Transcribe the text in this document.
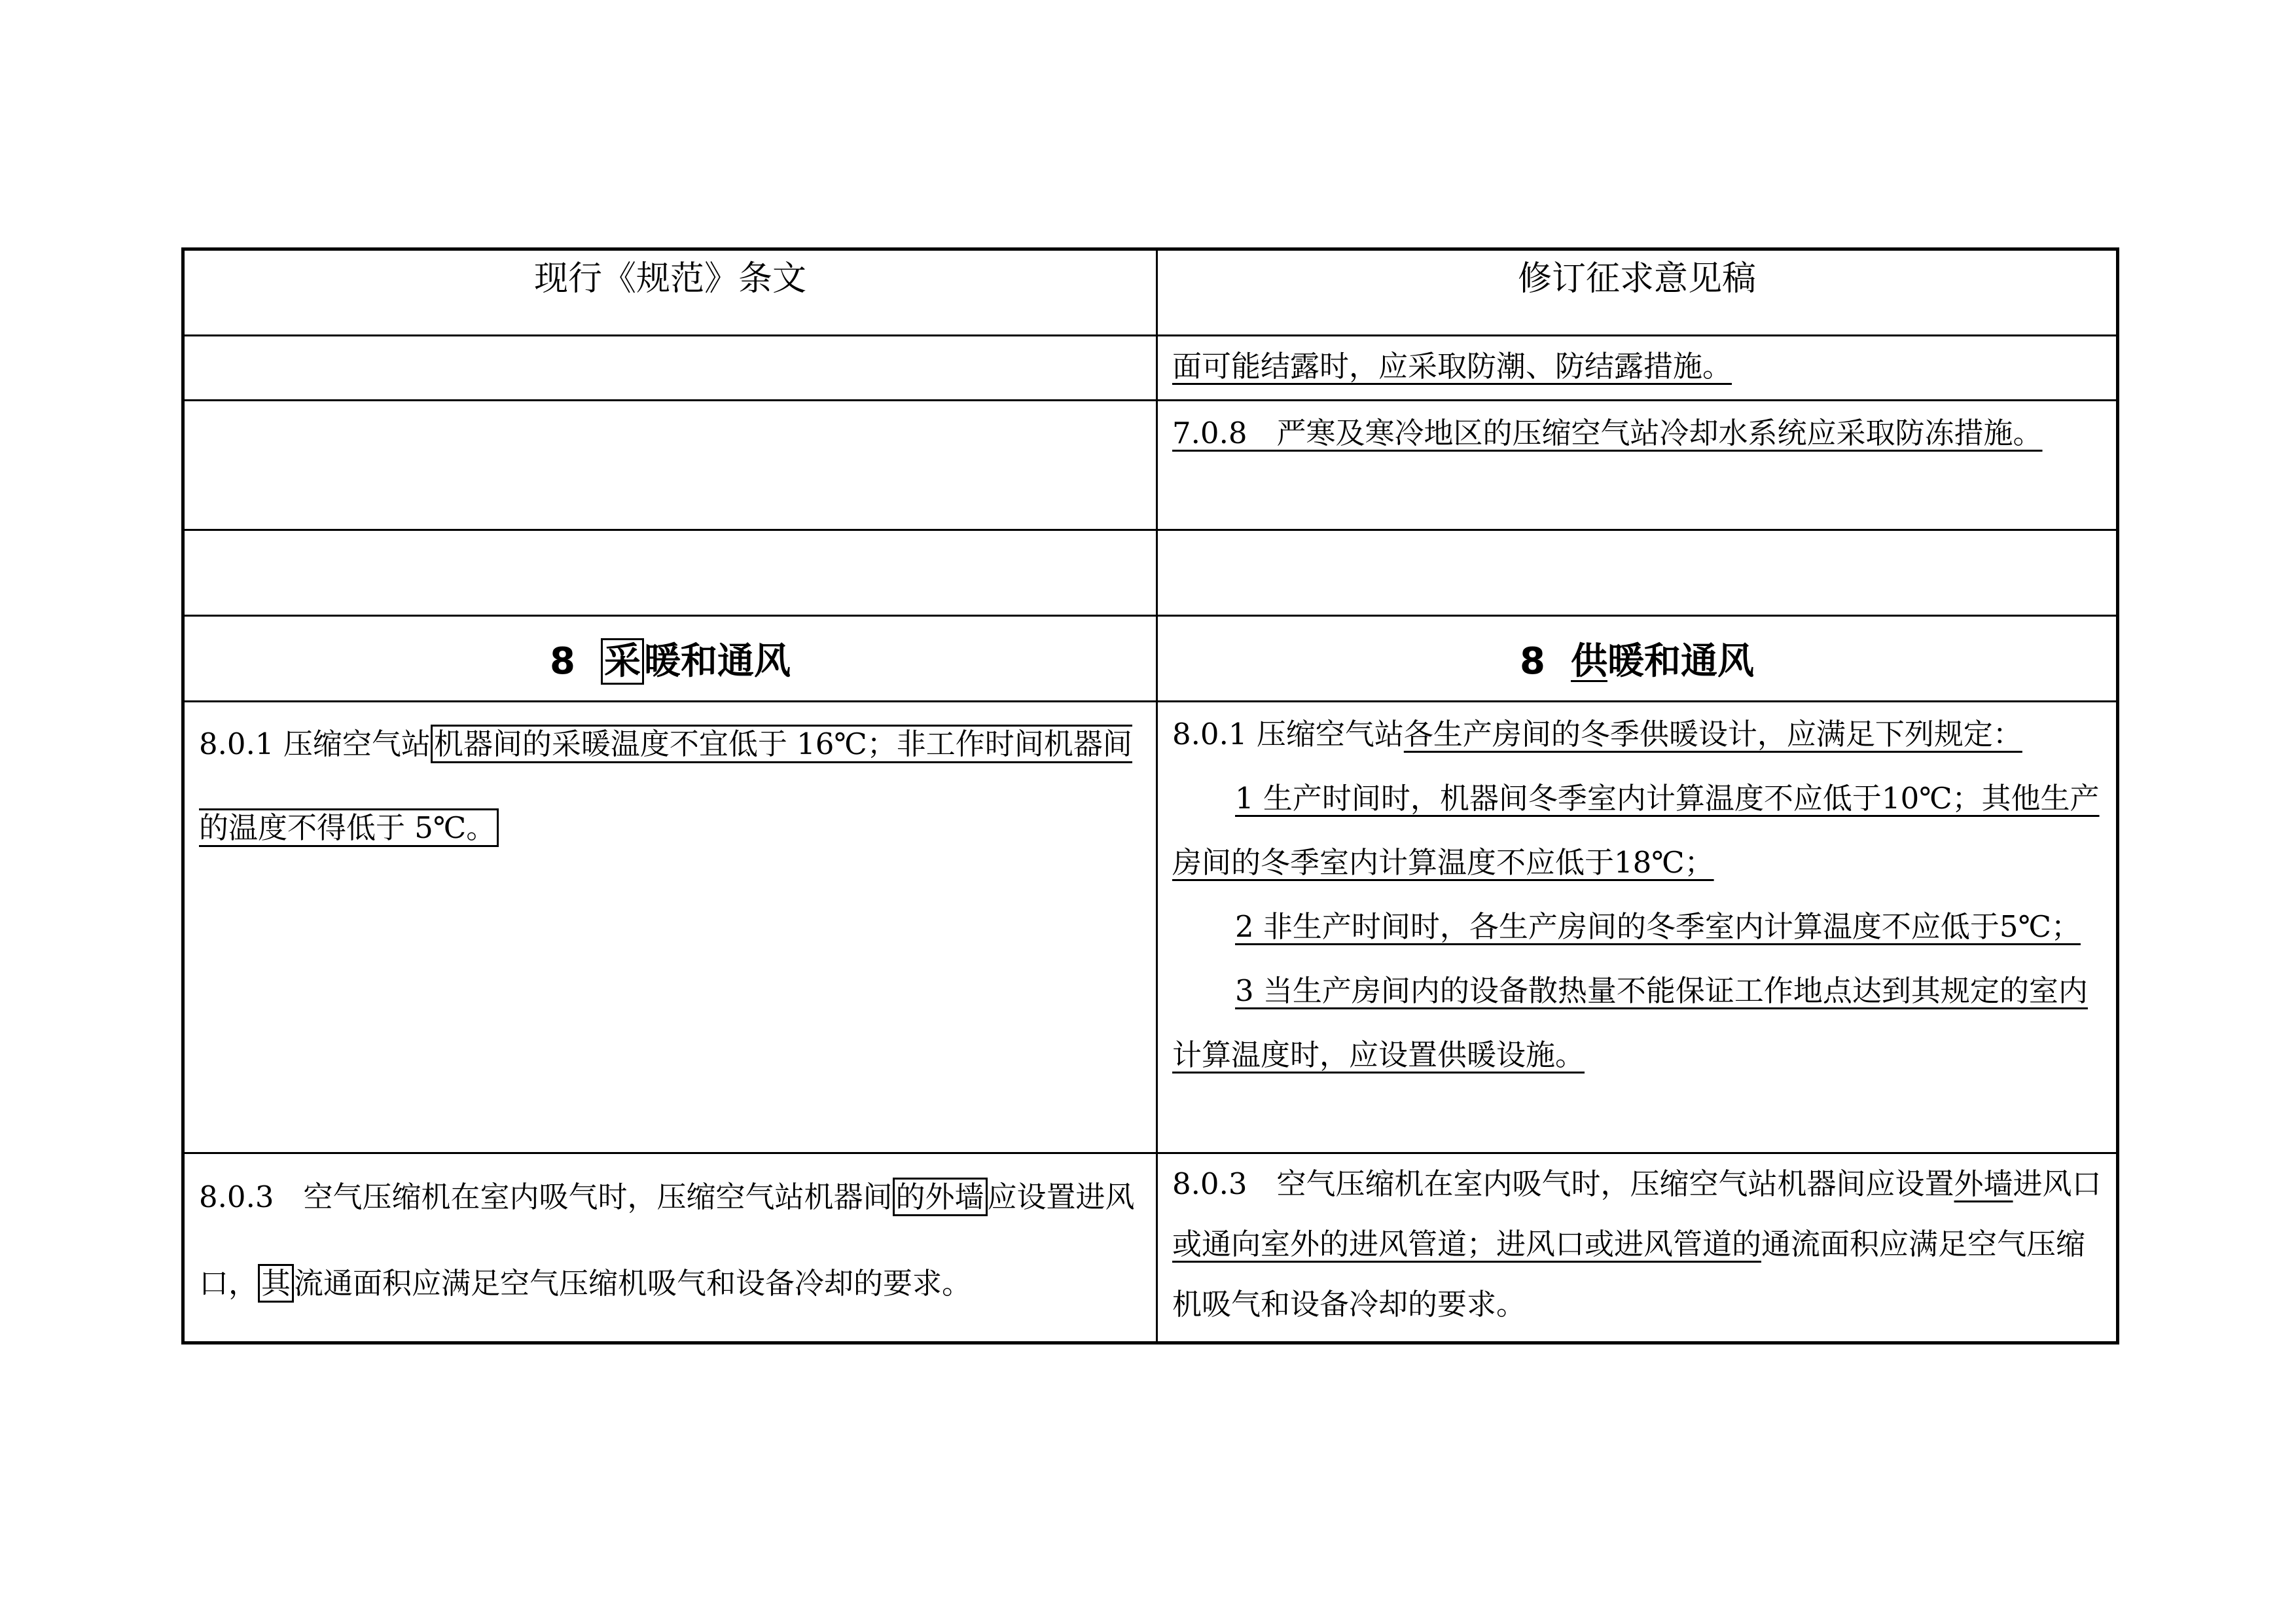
现行《规范》条文	修订征求意见稿
	面可能结露时，应采取防潮、防结露措施。
	7.0.8　 严寒及寒冷地区的压缩空气站冷却水系统应采取防冻措施。

8 采暖和通风	8 供暖和通风
8.0.1 压缩空气站 机器间的采暖温度不宜低于 16℃；非工作时间机器间的温度不得低于 5℃。	8.0.1 压缩空气站各生产房间的冬季供暖设计，应满足下列规定：
1 生产时间时，机器间冬季室内计算温度不应低于10℃；其他生产房间的冬季室内计算温度不应低于18℃；
2 非生产时间时，各生产房间的冬季室内计算温度不应低于5℃；
3 当生产房间内的设备散热量不能保证工作地点达到其规定的室内计算温度时，应设置供暖设施。

8.0.3　 空气压缩机在室内吸气时，压缩空气站机器间 的外墙 应设置进风口， 其 流通面积应满足空气压缩机吸气和设备冷却的要求。	8.0.3　 空气压缩机在室内吸气时，压缩空气站机器间应设置外墙进风口或通向室外的进风管道；进风口或进风管道的通流面积应满足空气压缩机吸气和设备冷却的要求。
